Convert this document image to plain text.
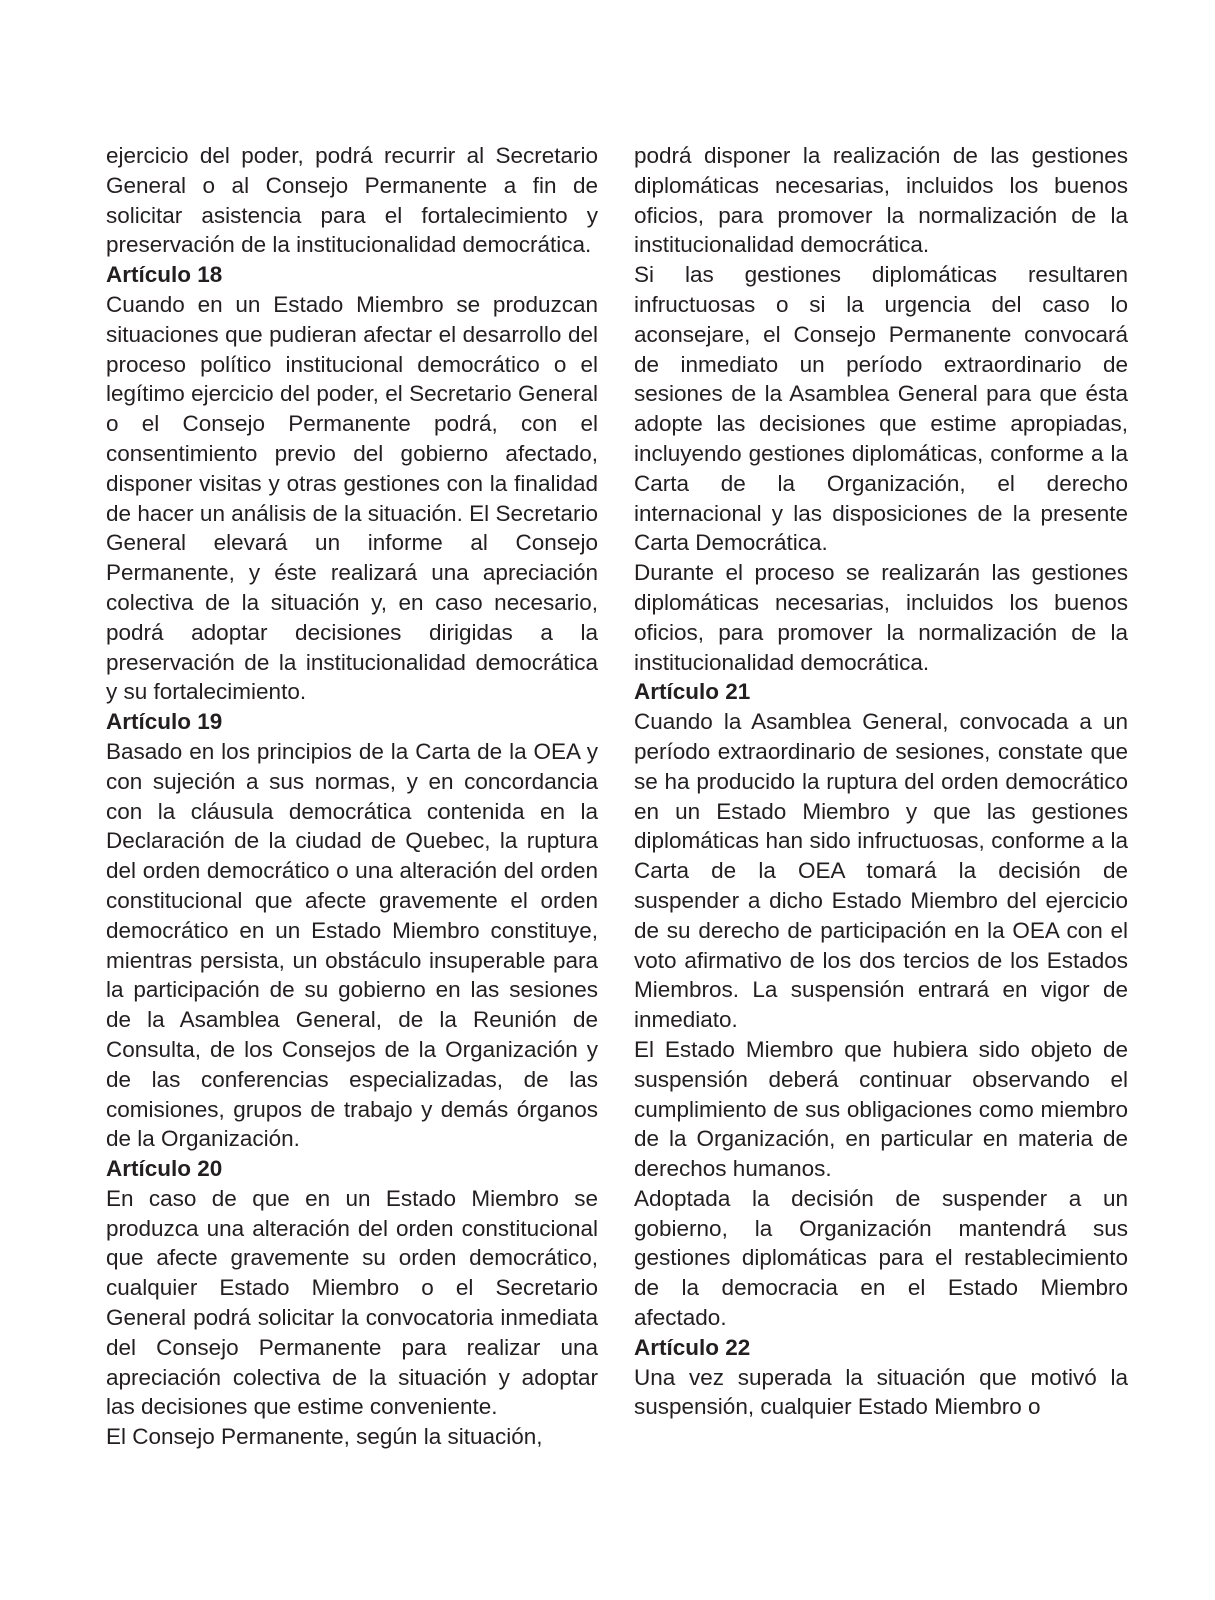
ejercicio del poder, podrá recurrir al Secretario General o al Consejo Permanente a fin de solicitar asistencia para el fortalecimiento y preservación de la institucionalidad democrática.

Artículo 18

Cuando en un Estado Miembro se produzcan situaciones que pudieran afectar el desarrollo del proceso político institucional democrático o el legítimo ejercicio del poder, el Secretario General o el Consejo Permanente podrá, con el consentimiento previo del gobierno afectado, disponer visitas y otras gestiones con la finalidad de hacer un análisis de la situación. El Secretario General elevará un informe al Consejo Permanente, y éste realizará una apreciación colectiva de la situación y, en caso necesario, podrá adoptar decisiones dirigidas a la preservación de la institucionalidad democrática y su fortalecimiento.

Artículo 19

Basado en los principios de la Carta de la OEA y con sujeción a sus normas, y en concordancia con la cláusula democrática contenida en la Declaración de la ciudad de Quebec, la ruptura del orden democrático o una alteración del orden constitucional que afecte gravemente el orden democrático en un Estado Miembro constituye, mientras persista, un obstáculo insuperable para la participación de su gobierno en las sesiones de la Asamblea General, de la Reunión de Consulta, de los Consejos de la Organización y de las conferencias especializadas, de las comisiones, grupos de trabajo y demás órganos de la Organización.

Artículo 20

En caso de que en un Estado Miembro se produzca una alteración del orden constitucional que afecte gravemente su orden democrático, cualquier Estado Miembro o el Secretario General podrá solicitar la convocatoria inmediata del Consejo Permanente para realizar una apreciación colectiva de la situación y adoptar las decisiones que estime conveniente.

El Consejo Permanente, según la situación,

podrá disponer la realización de las gestiones diplomáticas necesarias, incluidos los buenos oficios, para promover la normalización de la institucionalidad democrática.

Si las gestiones diplomáticas resultaren infructuosas o si la urgencia del caso lo aconsejare, el Consejo Permanente convocará de inmediato un período extraordinario de sesiones de la Asamblea General para que ésta adopte las decisiones que estime apropiadas, incluyendo gestiones diplomáticas, conforme a la Carta de la Organización, el derecho internacional y las disposiciones de la presente Carta Democrática.

Durante el proceso se realizarán las gestiones diplomáticas necesarias, incluidos los buenos oficios, para promover la normalización de la institucionalidad democrática.

Artículo 21

Cuando la Asamblea General, convocada a un período extraordinario de sesiones, constate que se ha producido la ruptura del orden democrático en un Estado Miembro y que las gestiones diplomáticas han sido infructuosas, conforme a la Carta de la OEA tomará la decisión de suspender a dicho Estado Miembro del ejercicio de su derecho de participación en la OEA con el voto afirmativo de los dos tercios de los Estados Miembros. La suspensión entrará en vigor de inmediato.

El Estado Miembro que hubiera sido objeto de suspensión deberá continuar observando el cumplimiento de sus obligaciones como miembro de la Organización, en particular en materia de derechos humanos.

Adoptada la decisión de suspender a un gobierno, la Organización mantendrá sus gestiones diplomáticas para el restablecimiento de la democracia en el Estado Miembro afectado.

Artículo 22

Una vez superada la situación que motivó la suspensión, cualquier Estado Miembro o
